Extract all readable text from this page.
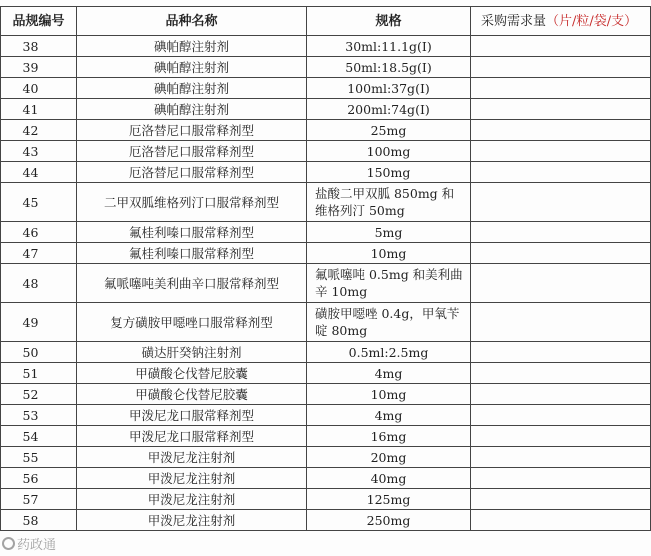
品规编号	品种名称	规格	采购需求量（片/粒/袋/支）
38	碘帕醇注射剂	30ml:11.1g(I)	
39	碘帕醇注射剂	50ml:18.5g(I)	
40	碘帕醇注射剂	100ml:37g(I)	
41	碘帕醇注射剂	200ml:74g(I)	
42	厄洛替尼口服常释剂型	25mg	
43	厄洛替尼口服常释剂型	100mg	
44	厄洛替尼口服常释剂型	150mg	
45	二甲双胍维格列汀口服常释剂型	盐酸二甲双胍 850mg 和维格列汀 50mg	
46	氟桂利嗪口服常释剂型	5mg	
47	氟桂利嗪口服常释剂型	10mg	
48	氟哌噻吨美利曲辛口服常释剂型	氟哌噻吨 0.5mg 和美利曲辛 10mg	
49	复方磺胺甲噁唑口服常释剂型	磺胺甲噁唑 0.4g，甲氧苄啶 80mg	
50	磺达肝癸钠注射剂	0.5ml:2.5mg	
51	甲磺酸仑伐替尼胶囊	4mg	
52	甲磺酸仑伐替尼胶囊	10mg	
53	甲泼尼龙口服常释剂型	4mg	
54	甲泼尼龙口服常释剂型	16mg	
55	甲泼尼龙注射剂	20mg	
56	甲泼尼龙注射剂	40mg	
57	甲泼尼龙注射剂	125mg	
58	甲泼尼龙注射剂	250mg	
药政通
